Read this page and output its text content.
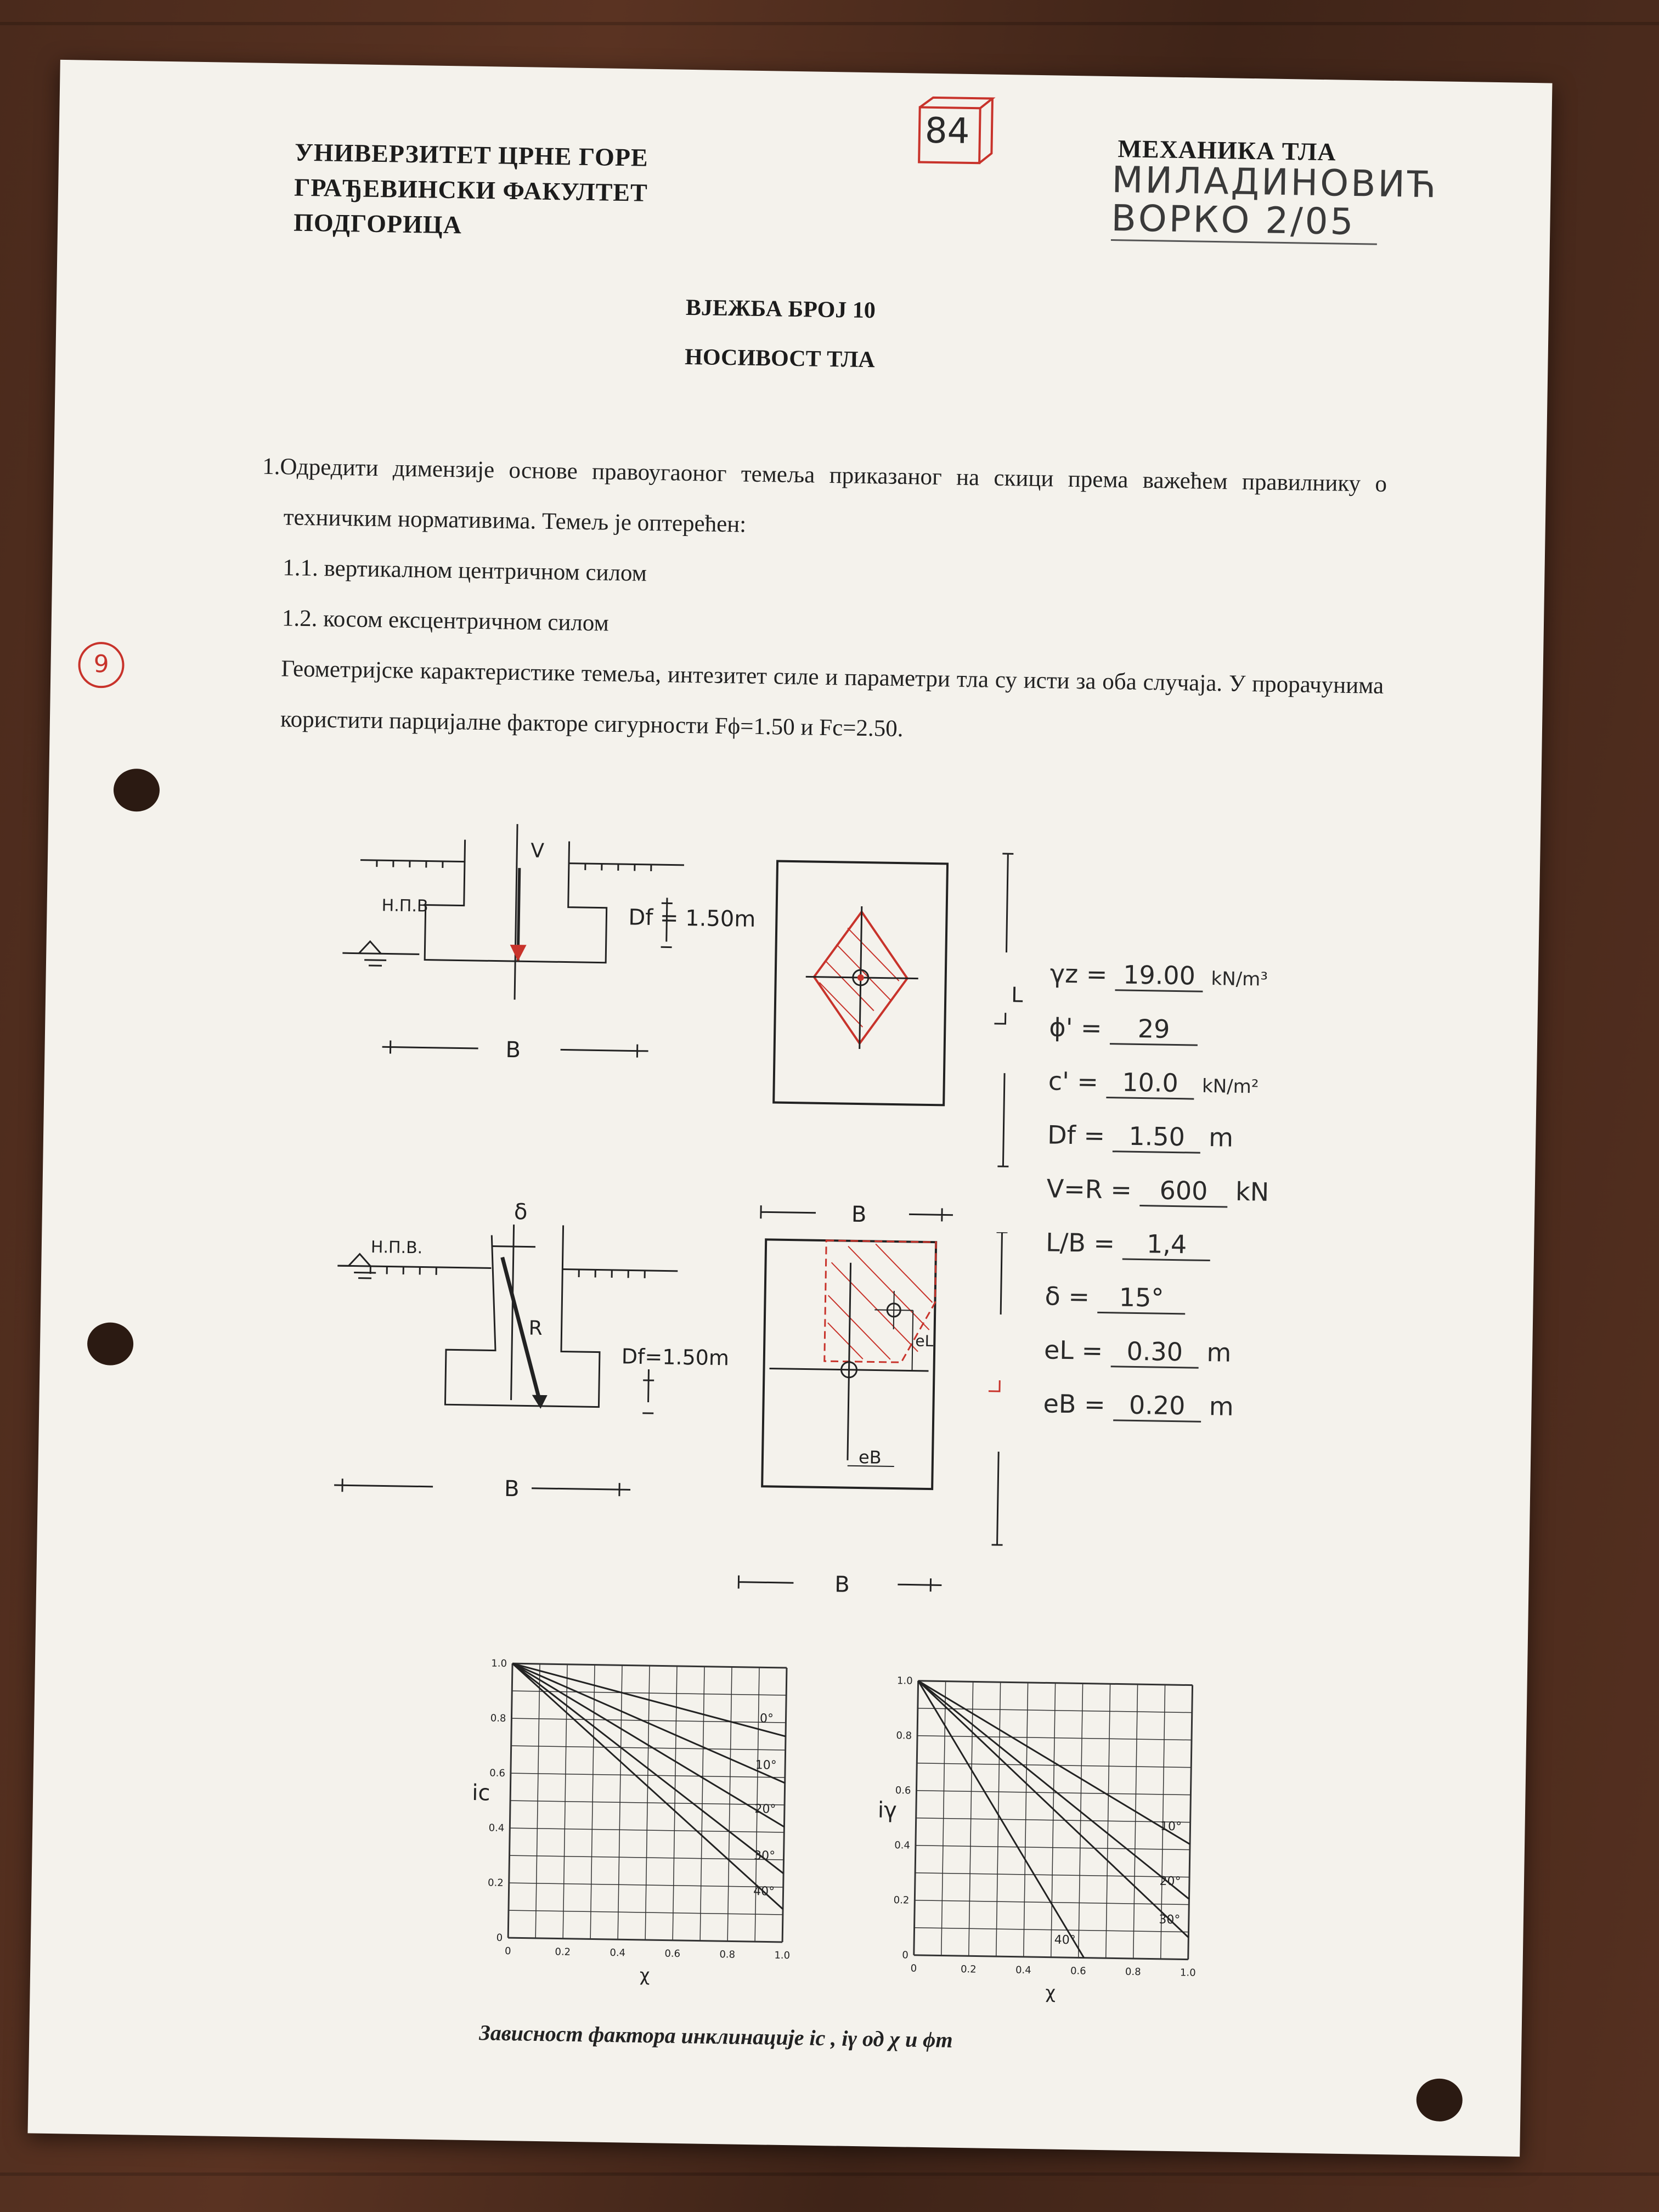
УНИВЕРЗИТЕТ ЦРНЕ ГОРЕ
ГРАЂЕВИНСКИ ФАКУЛТЕТ
ПОДГОРИЦА
84	МЕХАНИКА ТЛА
МИЛАДИНОВИЋ
ВОРКО 2/05
ВЈЕЖБА БРОЈ 10
НОСИВОСТ ТЛА
9
1.Одредити димензије основе правоугаоног темеља приказаног на скици према важећем правилнику о техничким нормативима. Темељ је оптерећен:
1.1. вертикалном центричном силом
1.2. косом ексцентричном силом
Геометријске карактеристике темеља, интезитет силе и параметри тла су исти за оба случаја. У прорачунима користити парцијалне факторе сигурности Fϕ=1.50 и Fc=2.50.
V
Н.П.В	Df = 1.50m
B
L
B
δ
R
Н.П.В.
Df=1.50m
B
eL
eB
B
γz = 19.00 kN/m³
ϕ' = 29
c' = 10.0 kN/m²
Df = 1.50 m
V=R = 600 kN
L/B = 1,4
δ = 15°
eL = 0.30 m
eB = 0.20 m
0	0.2	0.4	0.6	0.8	1.0
0
0.2
0.4
0.6
0.8
1.0
0°
10°
20°
30°
40°
ic
χ	0	0.2	0.4	0.6	0.8	1.0
0
0.2
0.4
0.6
0.8
1.0
10°
20°
30°
40°
iγ
χ
Зависност фактора инклинације ic , iγ од χ и ϕm
